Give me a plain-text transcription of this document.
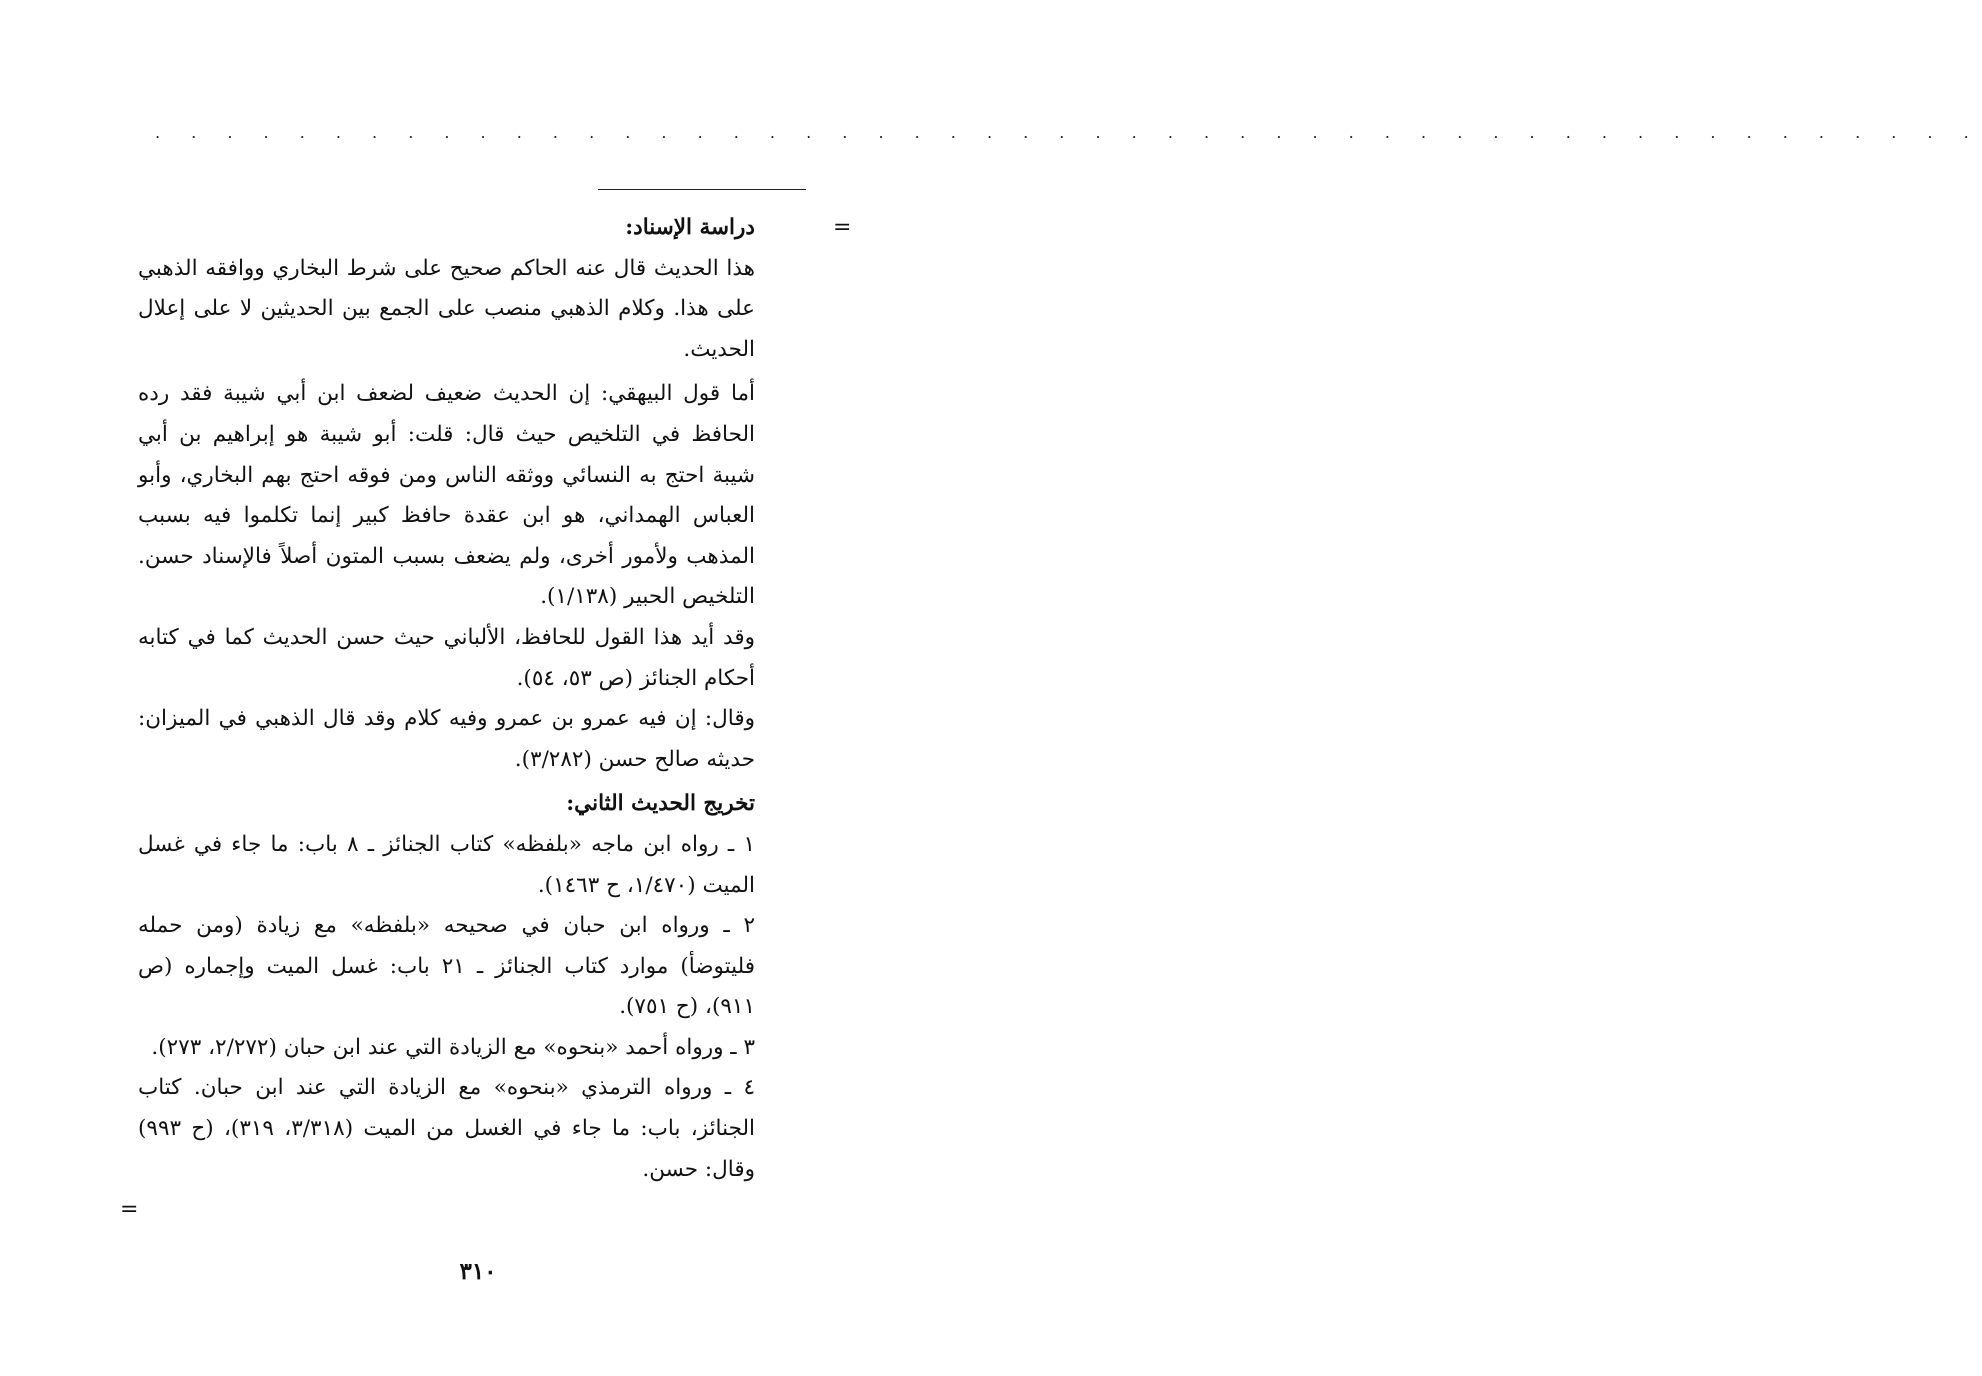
. . . . . . . . . . . . . . . . . . . . . . . . . . . . . . . . . . . . . . . . . . . . . . . . . . .
=

دراسة الإسناد:

هذا الحديث قال عنه الحاكم صحيح على شرط البخاري ووافقه الذهبي على هذا. وكلام الذهبي منصب على الجمع بين الحديثين لا على إعلال الحديث.

أما قول البيهقي: إن الحديث ضعيف لضعف ابن أبي شيبة فقد رده الحافظ في التلخيص حيث قال: قلت: أبو شيبة هو إبراهيم بن أبي شيبة احتج به النسائي ووثقه الناس ومن فوقه احتج بهم البخاري، وأبو العباس الهمداني، هو ابن عقدة حافظ كبير إنما تكلموا فيه بسبب المذهب ولأمور أخرى، ولم يضعف بسبب المتون أصلاً فالإسناد حسن. التلخيص الحبير (١/١٣٨).

وقد أيد هذا القول للحافظ، الألباني حيث حسن الحديث كما في كتابه أحكام الجنائز (ص ٥٣، ٥٤).

وقال: إن فيه عمرو بن عمرو وفيه كلام وقد قال الذهبي في الميزان: حديثه صالح حسن (٣/٢٨٢).

تخريج الحديث الثاني:

١ ـ رواه ابن ماجه «بلفظه» كتاب الجنائز ـ ٨ باب: ما جاء في غسل الميت (١/٤٧٠، ح ١٤٦٣).

٢ ـ ورواه ابن حبان في صحيحه «بلفظه» مع زيادة (ومن حمله فليتوضأ) موارد كتاب الجنائز ـ ٢١ باب: غسل الميت وإجماره (ص ٩١١)، (ح ٧٥١).

٣ ـ ورواه أحمد «بنحوه» مع الزيادة التي عند ابن حبان (٢/٢٧٢، ٢٧٣).

٤ ـ ورواه الترمذي «بنحوه» مع الزيادة التي عند ابن حبان. كتاب الجنائز، باب: ما جاء في الغسل من الميت (٣/٣١٨، ٣١٩)، (ح ٩٩٣) وقال: حسن.

=
٣١٠
